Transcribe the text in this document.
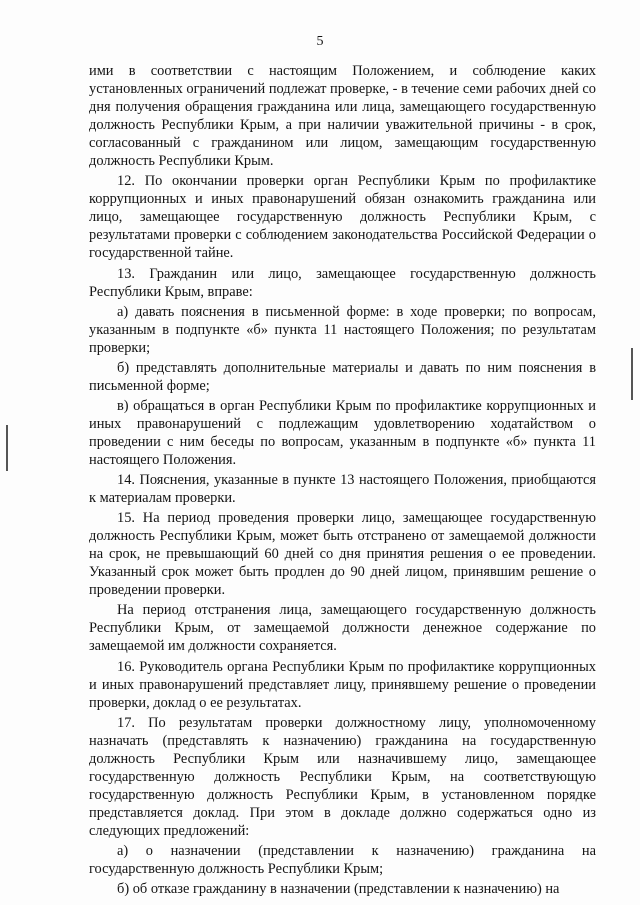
5

ими в соответствии с настоящим Положением, и соблюдение каких установленных ограничений подлежат проверке, - в течение семи рабочих дней со дня получения обращения гражданина или лица, замещающего государственную должность Республики Крым, а при наличии уважительной причины - в срок, согласованный с гражданином или лицом, замещающим государственную должность Республики Крым.

12. По окончании проверки орган Республики Крым по профилактике коррупционных и иных правонарушений обязан ознакомить гражданина или лицо, замещающее государственную должность Республики Крым, с результатами проверки с соблюдением законодательства Российской Федерации о государственной тайне.

13. Гражданин или лицо, замещающее государственную должность Республики Крым, вправе:

а) давать пояснения в письменной форме: в ходе проверки; по вопросам, указанным в подпункте «б» пункта 11 настоящего Положения; по результатам проверки;

б) представлять дополнительные материалы и давать по ним пояснения в письменной форме;

в) обращаться в орган Республики Крым по профилактике коррупционных и иных правонарушений с подлежащим удовлетворению ходатайством о проведении с ним беседы по вопросам, указанным в подпункте «б» пункта 11 настоящего Положения.

14. Пояснения, указанные в пункте 13 настоящего Положения, приобщаются к материалам проверки.

15. На период проведения проверки лицо, замещающее государственную должность Республики Крым, может быть отстранено от замещаемой должности на срок, не превышающий 60 дней со дня принятия решения о ее проведении. Указанный срок может быть продлен до 90 дней лицом, принявшим решение о проведении проверки.

На период отстранения лица, замещающего государственную должность Республики Крым, от замещаемой должности денежное содержание по замещаемой им должности сохраняется.

16. Руководитель органа Республики Крым по профилактике коррупционных и иных правонарушений представляет лицу, принявшему решение о проведении проверки, доклад о ее результатах.

17. По результатам проверки должностному лицу, уполномоченному назначать (представлять к назначению) гражданина на государственную должность Республики Крым или назначившему лицо, замещающее государственную должность Республики Крым, на соответствующую государственную должность Республики Крым, в установленном порядке представляется доклад. При этом в докладе должно содержаться одно из следующих предложений:

а) о назначении (представлении к назначению) гражданина на государственную должность Республики Крым;

б) об отказе гражданину в назначении (представлении к назначению) на
